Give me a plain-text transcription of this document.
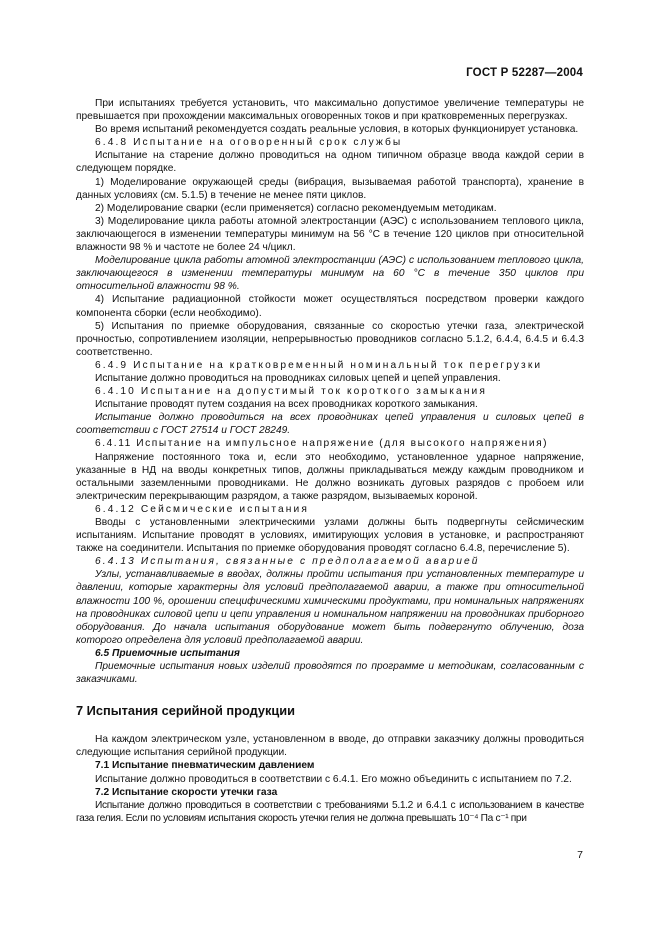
ГОСТ Р 52287—2004

При испытаниях требуется установить, что максимально допустимое увеличение температуры не превышается при прохождении максимальных оговоренных токов и при кратковременных перегрузках.

Во время испытаний рекомендуется создать реальные условия, в которых функционирует установка.

6.4.8 Испытание на оговоренный срок службы

Испытание на старение должно проводиться на одном типичном образце ввода каждой серии в следующем порядке.

1) Моделирование окружающей среды (вибрация, вызываемая работой транспорта), хранение в данных условиях (см. 5.1.5) в течение не менее пяти циклов.

2) Моделирование сварки (если применяется) согласно рекомендуемым методикам.

3) Моделирование цикла работы атомной электростанции (АЭС) с использованием теплового цикла, заключающегося в изменении температуры минимум на 56 °С в течение 120 циклов при относительной влажности 98 % и частоте не более 24 ч/цикл.

Моделирование цикла работы атомной электростанции (АЭС) с использованием теплового цикла, заключающегося в изменении температуры минимум на 60 °С в течение 350 циклов при относительной влажности 98 %.

4) Испытание радиационной стойкости может осуществляться посредством проверки каждого компонента сборки (если необходимо).

5) Испытания по приемке оборудования, связанные со скоростью утечки газа, электрической прочностью, сопротивлением изоляции, непрерывностью проводников согласно 5.1.2, 6.4.4, 6.4.5 и 6.4.3 соответственно.

6.4.9 Испытание на кратковременный номинальный ток перегрузки

Испытание должно проводиться на проводниках силовых цепей и цепей управления.

6.4.10 Испытание на допустимый ток короткого замыкания

Испытание проводят путем создания на всех проводниках короткого замыкания.

Испытание должно проводиться на всех проводниках цепей управления и силовых цепей в соответствии с ГОСТ 27514 и ГОСТ 28249.

6.4.11 Испытание на импульсное напряжение (для высокого напряжения)

Напряжение постоянного тока и, если это необходимо, установленное ударное напряжение, указанные в НД на вводы конкретных типов, должны прикладываться между каждым проводником и остальными заземленными проводниками. Не должно возникать дуговых разрядов с пробоем или электрическим перекрывающим разрядом, а также разрядом, вызываемых короной.

6.4.12 Сейсмические испытания

Вводы с установленными электрическими узлами должны быть подвергнуты сейсмическим испытаниям. Испытание проводят в условиях, имитирующих условия в установке, и распространяют также на соединители. Испытания по приемке оборудования проводят согласно 6.4.8, перечисление 5).

6.4.13 Испытания, связанные с предполагаемой аварией

Узлы, устанавливаемые в вводах, должны пройти испытания при установленных температуре и давлении, которые характерны для условий предполагаемой аварии, а также при относительной влажности 100 %, орошении специфическими химическими продуктами, при номинальных напряжениях на проводниках силовой цепи и цепи управления и номинальном напряжении на проводниках приборного оборудования. До начала испытания оборудование может быть подвергнуто облучению, доза которого определена для условий предполагаемой аварии.

6.5 Приемочные испытания

Приемочные испытания новых изделий проводятся по программе и методикам, согласованным с заказчиками.

7 Испытания серийной продукции

На каждом электрическом узле, установленном в вводе, до отправки заказчику должны проводиться следующие испытания серийной продукции.

7.1 Испытание пневматическим давлением

Испытание должно проводиться в соответствии с 6.4.1. Его можно объединить с испытанием по 7.2.

7.2 Испытание скорости утечки газа

Испытание должно проводиться в соответствии с требованиями 5.1.2 и 6.4.1 с использованием в качестве газа гелия. Если по условиям испытания скорость утечки гелия не должна превышать 10⁻⁴ Па с⁻¹ при

7
